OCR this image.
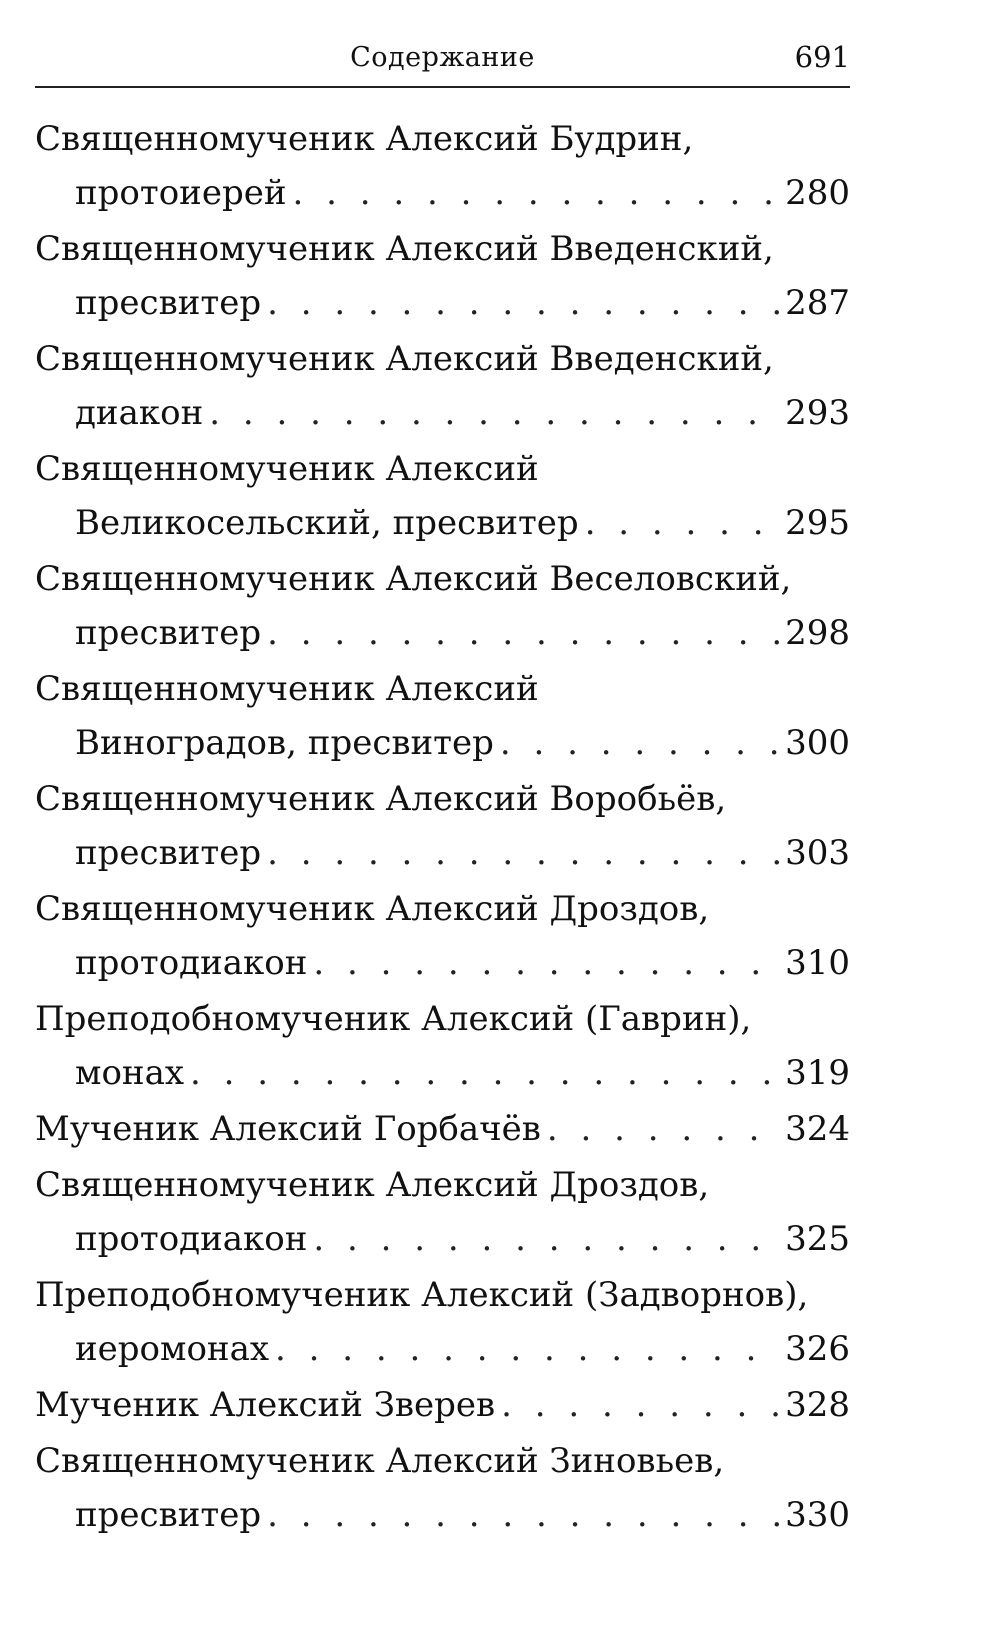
Содержание	691
Священномученик Алексий Будрин,
протоиерей . . .	280
Священномученик Алексий Введенский,
пресвитер . . .	287
Священномученик Алексий Введенский,
диакон . . .	293
Священномученик Алексий
Великосельский, пресвитер . . .	295
Священномученик Алексий Веселовский,
пресвитер . . .	298
Священномученик Алексий
Виноградов, пресвитер . . .	300
Священномученик Алексий Воробьёв,
пресвитер . . .	303
Священномученик Алексий Дроздов,
протодиакон . . .	310
Преподобномученик Алексий (Гаврин),
монах . . .	319
Мученик Алексий Горбачёв . . .	324
Священномученик Алексий Дроздов,
протодиакон . . .	325
Преподобномученик Алексий (Задворнов),
иеромонах . . .	326
Мученик Алексий Зверев . . .	328
Священномученик Алексий Зиновьев,
пресвитер . . .	330
